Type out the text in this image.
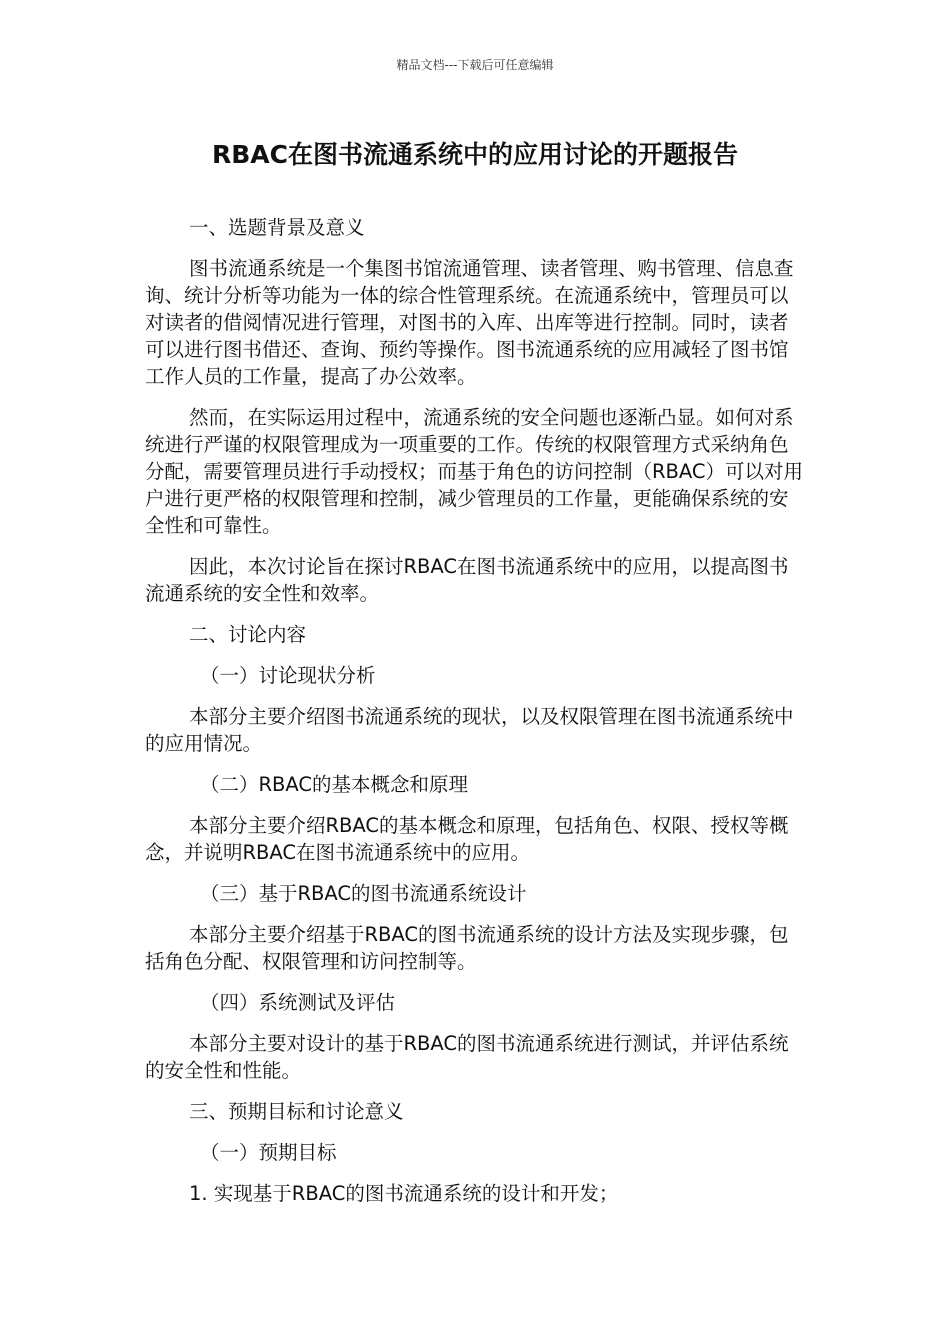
精品文档---下载后可任意编辑
RBAC在图书流通系统中的应用讨论的开题报告

一、选题背景及意义

图书流通系统是一个集图书馆流通管理、读者管理、购书管理、信息查询、统计分析等功能为一体的综合性管理系统。在流通系统中，管理员可以对读者的借阅情况进行管理，对图书的入库、出库等进行控制。同时，读者可以进行图书借还、查询、预约等操作。图书流通系统的应用减轻了图书馆工作人员的工作量，提高了办公效率。

然而，在实际运用过程中，流通系统的安全问题也逐渐凸显。如何对系统进行严谨的权限管理成为一项重要的工作。传统的权限管理方式采纳角色分配，需要管理员进行手动授权；而基于角色的访问控制（RBAC）可以对用户进行更严格的权限管理和控制，减少管理员的工作量，更能确保系统的安全性和可靠性。

因此，本次讨论旨在探讨RBAC在图书流通系统中的应用，以提高图书流通系统的安全性和效率。

二、讨论内容

（一）讨论现状分析

本部分主要介绍图书流通系统的现状，以及权限管理在图书流通系统中的应用情况。

（二）RBAC的基本概念和原理

本部分主要介绍RBAC的基本概念和原理，包括角色、权限、授权等概念，并说明RBAC在图书流通系统中的应用。

（三）基于RBAC的图书流通系统设计

本部分主要介绍基于RBAC的图书流通系统的设计方法及实现步骤，包括角色分配、权限管理和访问控制等。

（四）系统测试及评估

本部分主要对设计的基于RBAC的图书流通系统进行测试，并评估系统的安全性和性能。

三、预期目标和讨论意义

（一）预期目标

1. 实现基于RBAC的图书流通系统的设计和开发；
